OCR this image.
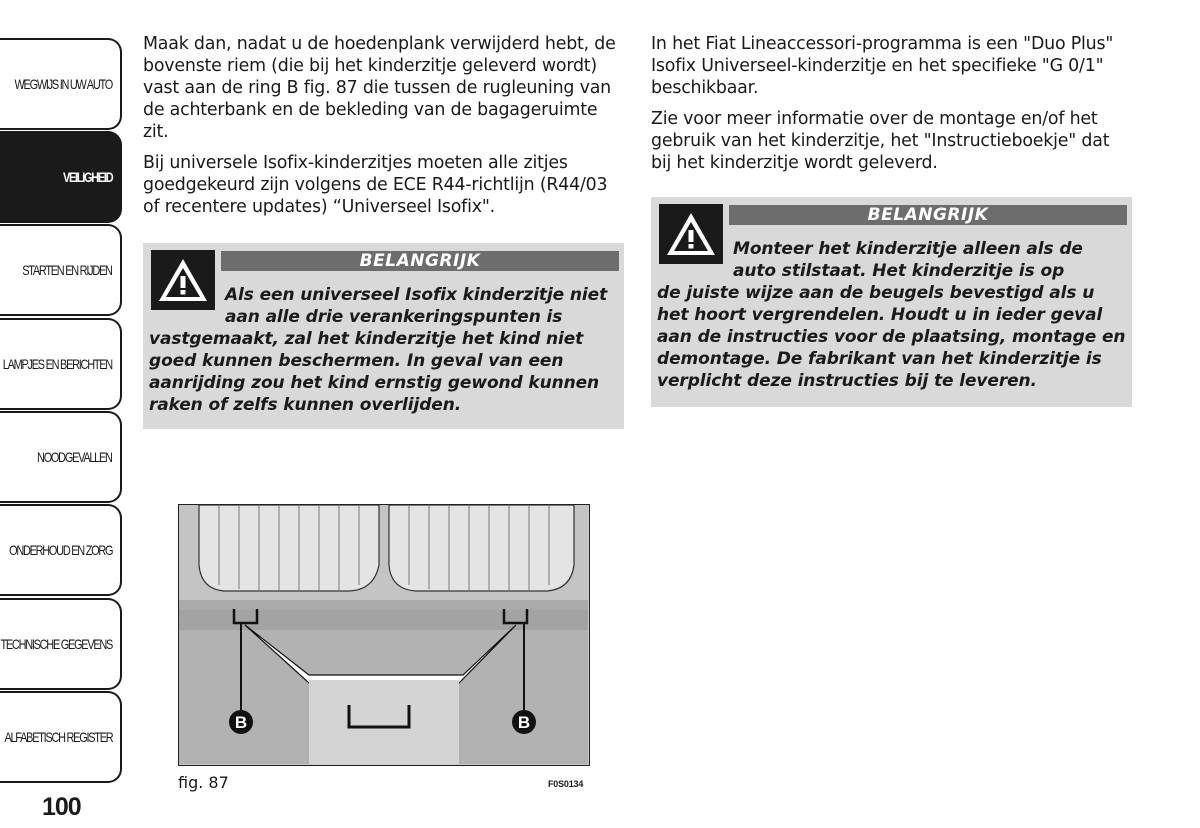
WEGWIJS IN UW AUTO
VEILIGHEID
STARTEN EN RIJDEN
LAMPJES EN BERICHTEN
NOODGEVALLEN
ONDERHOUD EN ZORG
TECHNISCHE GEGEVENS
ALFABETISCH REGISTER
100

Maak dan, nadat u de hoedenplank verwijderd hebt, de bovenste riem (die bij het kinderzitje geleverd wordt) vast aan de ring B fig. 87 die tussen de rugleuning van de achterbank en de bekleding van de bagageruimte zit.

Bij universele Isofix-kinderzitjes moeten alle zitjes goedgekeurd zijn volgens de ECE R44-richtlijn (R44/03 of recentere updates) “Universeel Isofix".

BELANGRIJK
Als een universeel Isofix kinderzitje niet
aan alle drie verankeringspunten is
vastgemaakt, zal het kinderzitje het kind niet goed kunnen beschermen. In geval van een aanrijding zou het kind ernstig gewond kunnen raken of zelfs kunnen overlijden.

In het Fiat Lineaccessori-programma is een "Duo Plus" Isofix Universeel-kinderzitje en het specifieke "G 0/1" beschikbaar.

Zie voor meer informatie over de montage en/of het gebruik van het kinderzitje, het "Instructieboekje" dat bij het kinderzitje wordt geleverd.

BELANGRIJK
Monteer het kinderzitje alleen als de
auto stilstaat. Het kinderzitje is op
de juiste wijze aan de beugels bevestigd als u het hoort vergrendelen. Houdt u in ieder geval aan de instructies voor de plaatsing, montage en demontage. De fabrikant van het kinderzitje is verplicht deze instructies bij te leveren.
B	B
fig. 87	F0S0134
